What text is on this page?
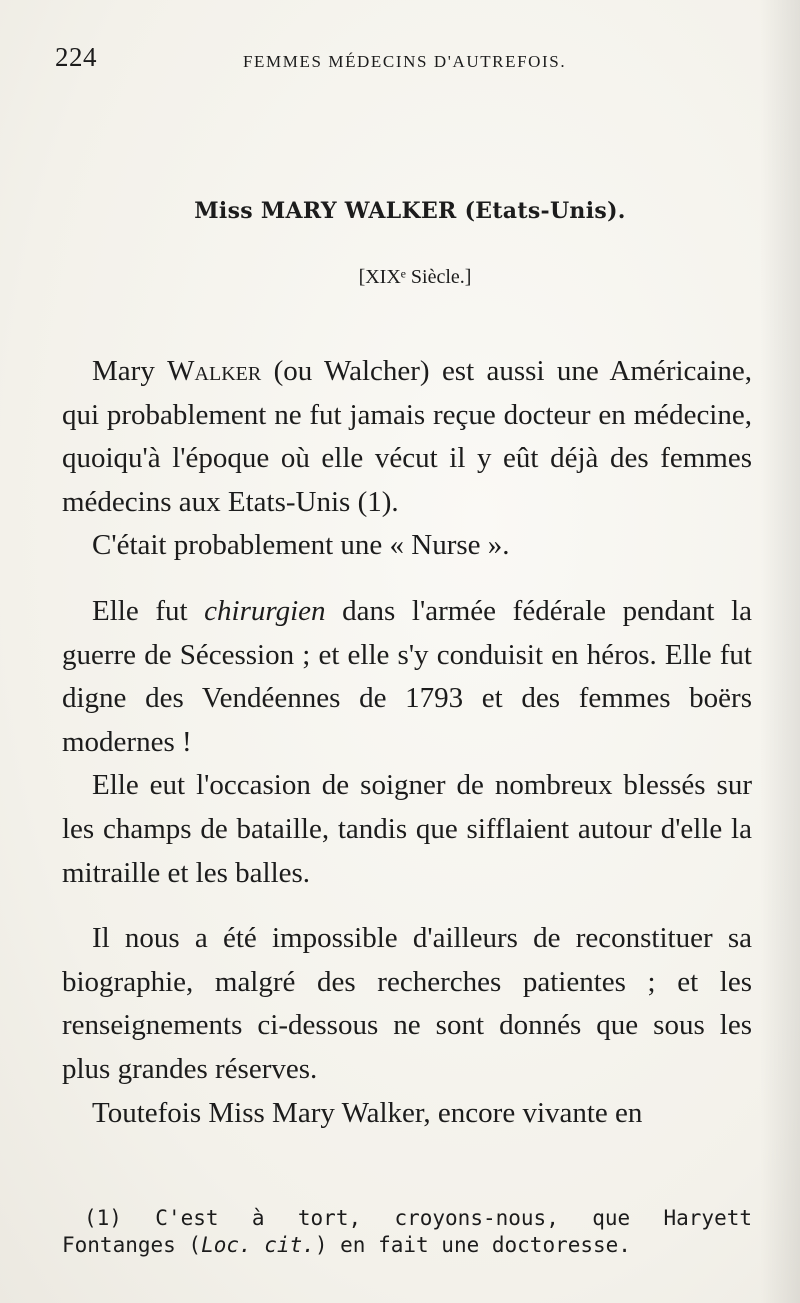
224	FEMMES MÉDECINS D'AUTREFOIS.
Miss MARY WALKER (Etats-Unis).
[XIXᵉ Siècle.]

Mary Walker (ou Walcher) est aussi une Américaine, qui probablement ne fut jamais reçue docteur en médecine, quoiqu'à l'époque où elle vécut il y eût déjà des femmes médecins aux Etats-Unis (1).

C'était probablement une « Nurse ».

Elle fut chirurgien dans l'armée fédérale pendant la guerre de Sécession ; et elle s'y conduisit en héros. Elle fut digne des Vendéennes de 1793 et des femmes boërs modernes !

Elle eut l'occasion de soigner de nombreux blessés sur les champs de bataille, tandis que sifflaient autour d'elle la mitraille et les balles.

Il nous a été impossible d'ailleurs de reconstituer sa biographie, malgré des recherches patientes ; et les renseignements ci-dessous ne sont donnés que sous les plus grandes réserves.

Toutefois Miss Mary Walker, encore vivante en

(1) C'est à tort, croyons-nous, que Haryett Fontanges (Loc. cit.) en fait une doctoresse.
